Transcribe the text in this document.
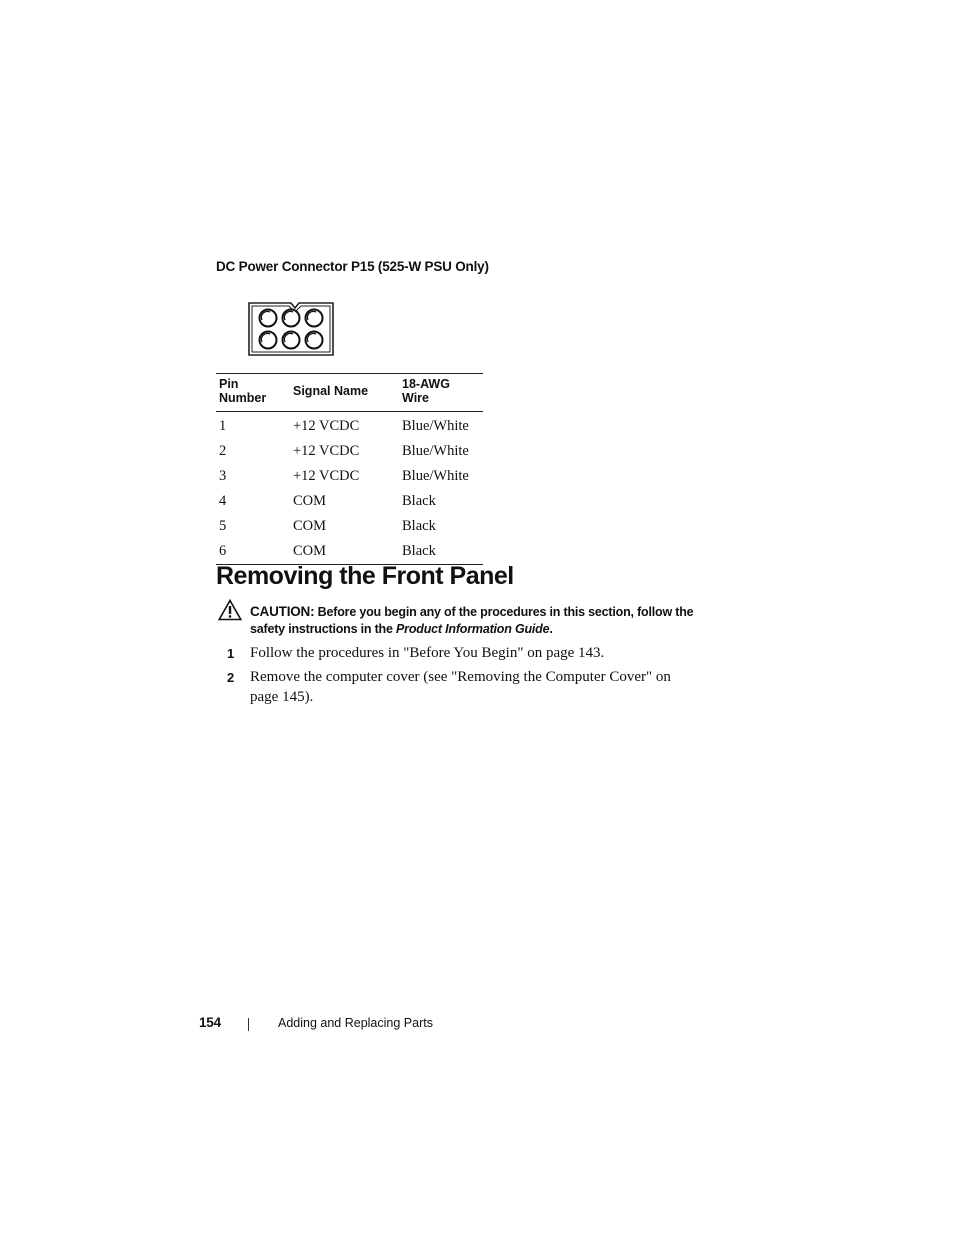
DC Power Connector P15 (525-W PSU Only)
Pin Number	Signal Name	18-AWG Wire
1	+12 VCDC	Blue/White
2	+12 VCDC	Blue/White
3	+12 VCDC	Blue/White
4	COM	Black
5	COM	Black
6	COM	Black
Removing the Front Panel
CAUTION: Before you begin any of the procedures in this section, follow the safety instructions in the Product Information Guide.
1 Follow the procedures in "Before You Begin" on page 143.
2 Remove the computer cover (see "Removing the Computer Cover" on page 145).
154	Adding and Replacing Parts
